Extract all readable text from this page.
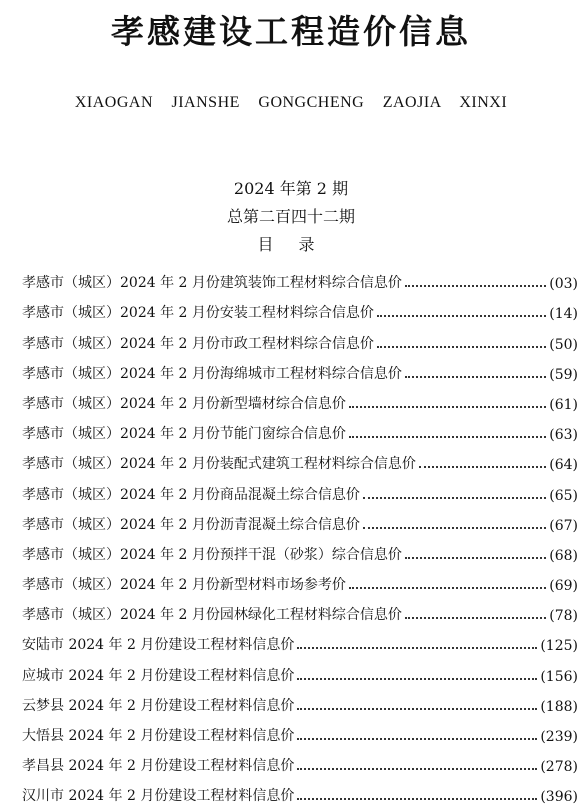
孝感建设工程造价信息
XIAOGAN JIANSHE GONGCHENG ZAOJIA XINXI
2024 年第 2 期
总第二百四十二期
目 录
孝感市（城区）2024 年 2 月份建筑装饰工程材料综合信息价	(03)
孝感市（城区）2024 年 2 月份安装工程材料综合信息价	(14)
孝感市（城区）2024 年 2 月份市政工程材料综合信息价	(50)
孝感市（城区）2024 年 2 月份海绵城市工程材料综合信息价	(59)
孝感市（城区）2024 年 2 月份新型墙材综合信息价	(61)
孝感市（城区）2024 年 2 月份节能门窗综合信息价	(63)
孝感市（城区）2024 年 2 月份装配式建筑工程材料综合信息价	(64)
孝感市（城区）2024 年 2 月份商品混凝土综合信息价	(65)
孝感市（城区）2024 年 2 月份沥青混凝土综合信息价	(67)
孝感市（城区）2024 年 2 月份预拌干混（砂浆）综合信息价	(68)
孝感市（城区）2024 年 2 月份新型材料市场参考价	(69)
孝感市（城区）2024 年 2 月份园林绿化工程材料综合信息价	(78)
安陆市 2024 年 2 月份建设工程材料信息价	(125)
应城市 2024 年 2 月份建设工程材料信息价	(156)
云梦县 2024 年 2 月份建设工程材料信息价	(188)
大悟县 2024 年 2 月份建设工程材料信息价	(239)
孝昌县 2024 年 2 月份建设工程材料信息价	(278)
汉川市 2024 年 2 月份建设工程材料信息价	(396)
